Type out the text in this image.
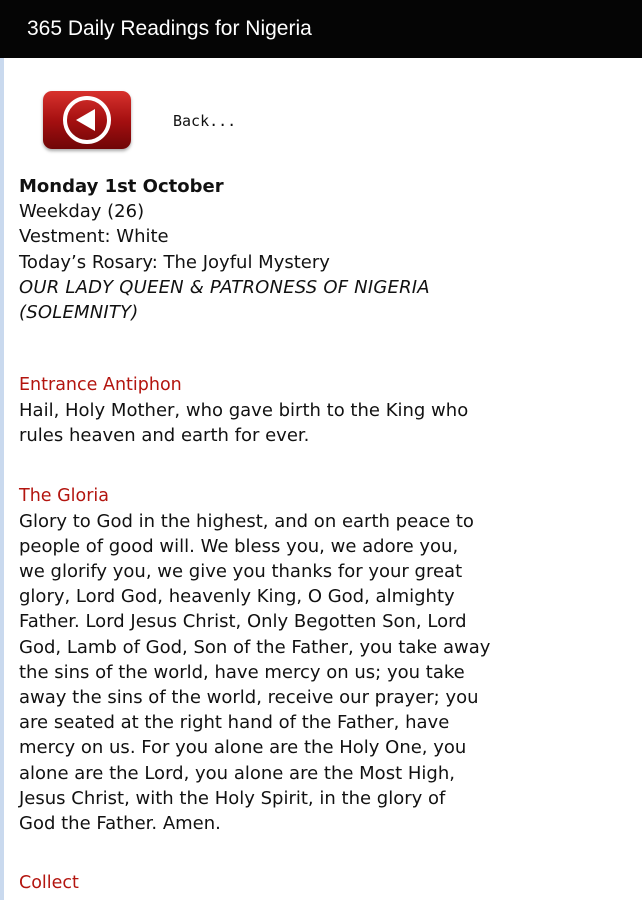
365 Daily Readings for Nigeria
Back...
Monday 1st October
Weekday (26)
Vestment: White
Today’s Rosary: The Joyful Mystery
OUR LADY QUEEN & PATRONESS OF NIGERIA
(SOLEMNITY)
Entrance Antiphon
Hail, Holy Mother, who gave birth to the King who
rules heaven and earth for ever.
The Gloria
Glory to God in the highest, and on earth peace to
people of good will. We bless you, we adore you,
we glorify you, we give you thanks for your great
glory, Lord God, heavenly King, O God, almighty
Father. Lord Jesus Christ, Only Begotten Son, Lord
God, Lamb of God, Son of the Father, you take away
the sins of the world, have mercy on us; you take
away the sins of the world, receive our prayer; you
are seated at the right hand of the Father, have
mercy on us. For you alone are the Holy One, you
alone are the Lord, you alone are the Most High,
Jesus Christ, with the Holy Spirit, in the glory of
God the Father. Amen.
Collect
